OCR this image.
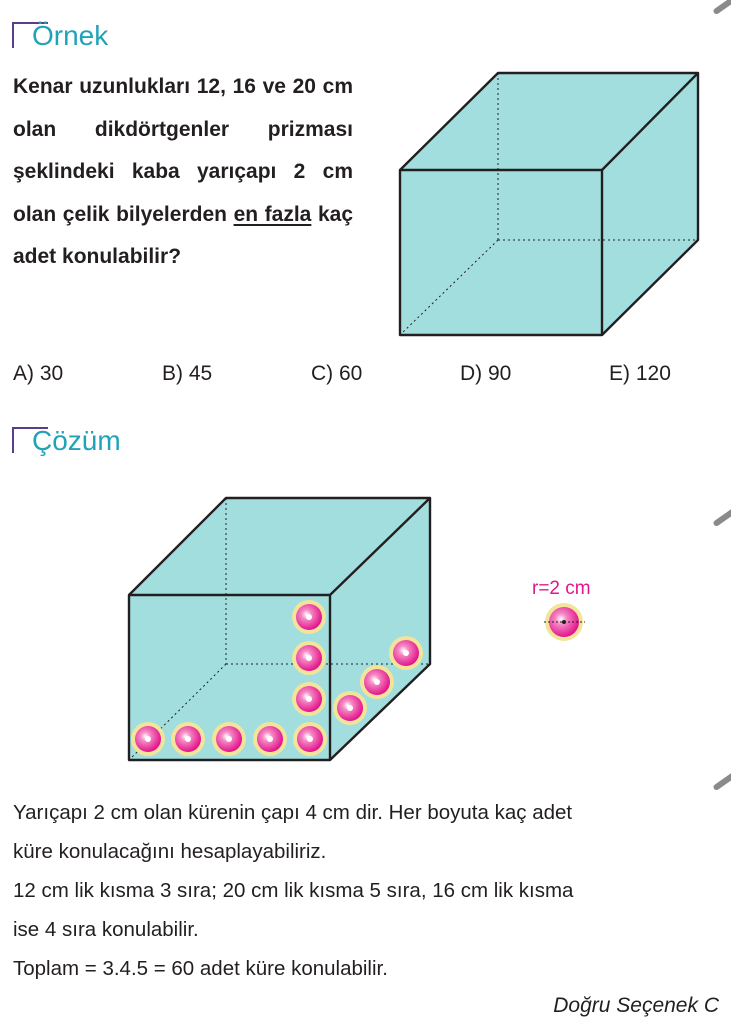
Örnek

Kenar uzunlukları 12, 16 ve 20 cm olan dikdörtgenler prizması şeklindeki kaba yarıçapı 2 cm olan çelik bilyelerden en fazla kaç adet konulabilir?

A) 30	B) 45	C) 60	D) 90	E) 120
Çözüm
r=2 cm
Yarıçapı 2 cm olan kürenin çapı 4 cm dir. Her boyuta kaç adet
küre konulacağını hesaplayabiliriz.
12 cm lik kısma 3 sıra; 20 cm lik kısma 5 sıra, 16 cm lik kısma
ise 4 sıra konulabilir.
Toplam = 3.4.5 = 60 adet küre konulabilir.
Doğru Seçenek C
